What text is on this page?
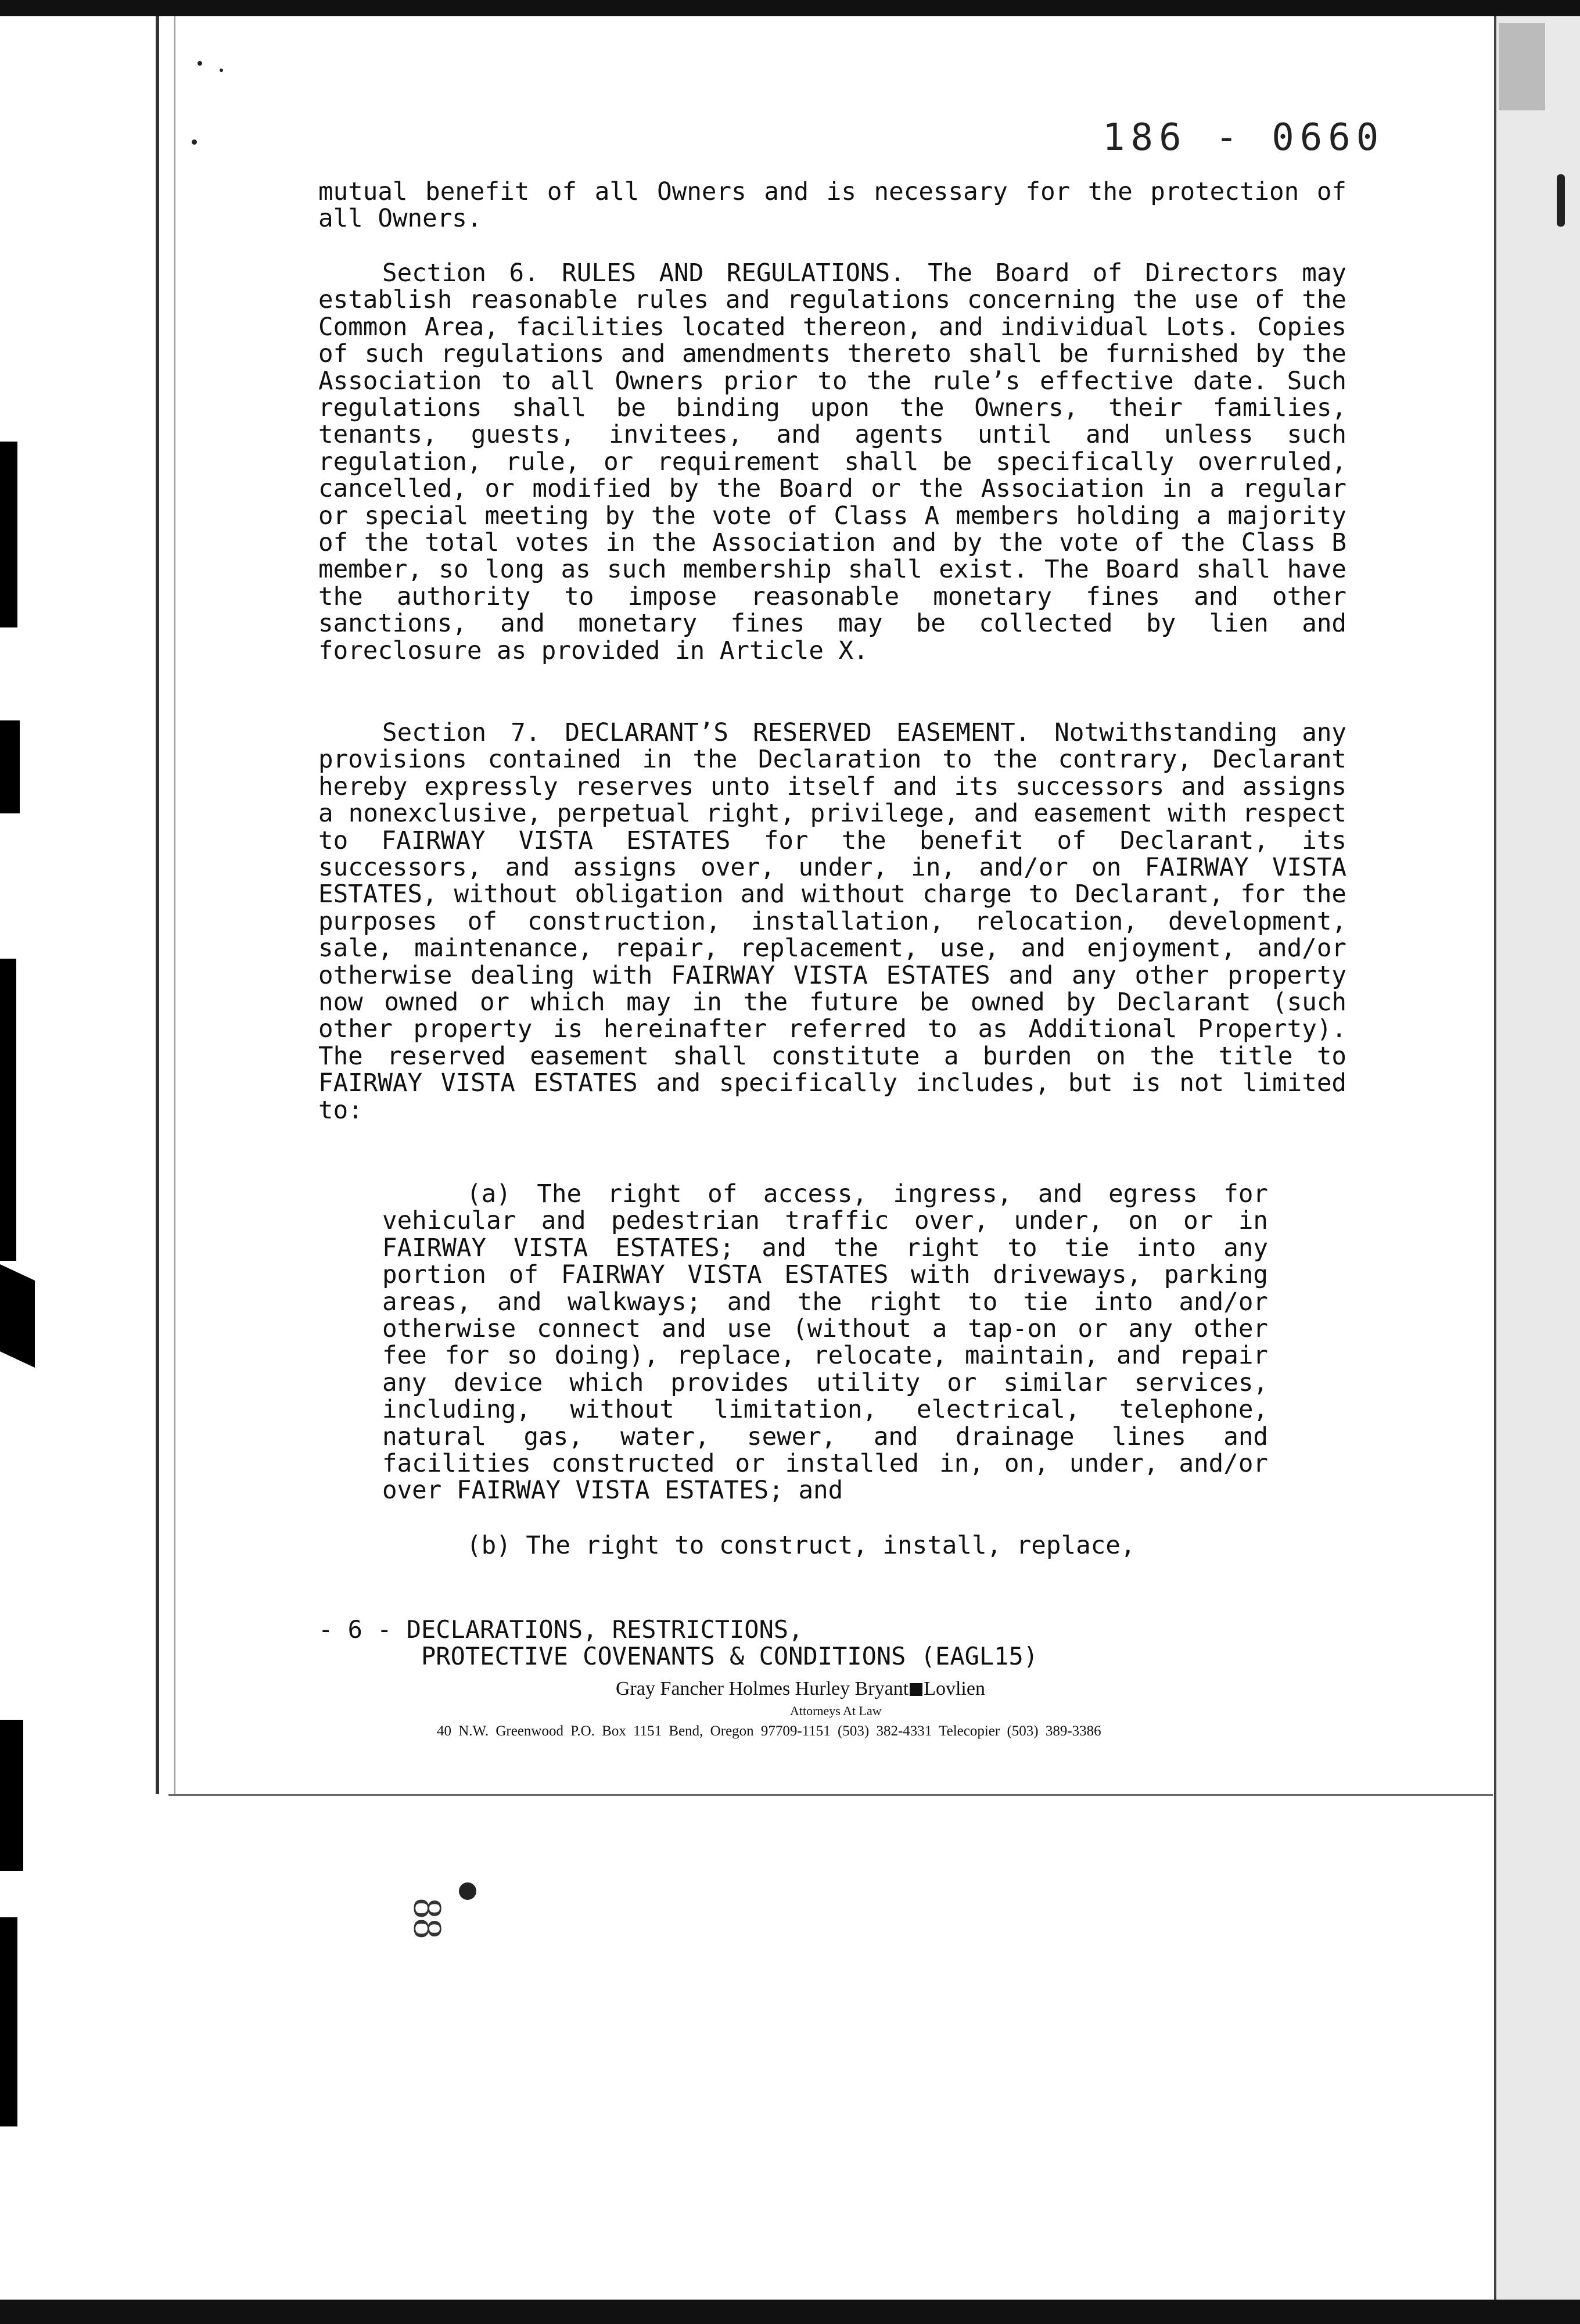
186 - 0660

mutual benefit of all Owners and is necessary for the protection of all Owners.

Section 6. RULES AND REGULATIONS. The Board of Directors may establish reasonable rules and regulations concerning the use of the Common Area, facilities located thereon, and individual Lots. Copies of such regulations and amendments thereto shall be furnished by the Association to all Owners prior to the rule’s effective date. Such regulations shall be binding upon the Owners, their families, tenants, guests, invitees, and agents until and unless such regulation, rule, or requirement shall be specifically overruled, cancelled, or modified by the Board or the Association in a regular or special meeting by the vote of Class A members holding a majority of the total votes in the Association and by the vote of the Class B member, so long as such membership shall exist. The Board shall have the authority to impose reasonable monetary fines and other sanctions, and monetary fines may be collected by lien and foreclosure as provided in Article X.

Section 7. DECLARANT’S RESERVED EASEMENT. Notwithstanding any provisions contained in the Declaration to the contrary, Declarant hereby expressly reserves unto itself and its successors and assigns a nonexclusive, perpetual right, privilege, and easement with respect to FAIRWAY VISTA ESTATES for the benefit of Declarant, its successors, and assigns over, under, in, and/or on FAIRWAY VISTA ESTATES, without obligation and without charge to Declarant, for the purposes of construction, installation, relocation, development, sale, maintenance, repair, replacement, use, and enjoyment, and/or otherwise dealing with FAIRWAY VISTA ESTATES and any other property now owned or which may in the future be owned by Declarant (such other property is hereinafter referred to as Additional Property). The reserved easement shall constitute a burden on the title to FAIRWAY VISTA ESTATES and specifically includes, but is not limited to:

(a) The right of access, ingress, and egress for vehicular and pedestrian traffic over, under, on or in FAIRWAY VISTA ESTATES; and the right to tie into any portion of FAIRWAY VISTA ESTATES with driveways, parking areas, and walkways; and the right to tie into and/or otherwise connect and use (without a tap-on or any other fee for so doing), replace, relocate, maintain, and repair any device which provides utility or similar services, including, without limitation, electrical, telephone, natural gas, water, sewer, and drainage lines and facilities constructed or installed in, on, under, and/or over FAIRWAY VISTA ESTATES; and

(b) The right to construct, install, replace,

- 6 - DECLARATIONS, RESTRICTIONS,
PROTECTIVE COVENANTS & CONDITIONS (EAGL15)
Gray Fancher Holmes Hurley Bryant Lovlien
Attorneys At Law
40 N.W. Greenwood P.O. Box 1151 Bend, Oregon 97709-1151 (503) 382-4331 Telecopier (503) 389-3386
88
